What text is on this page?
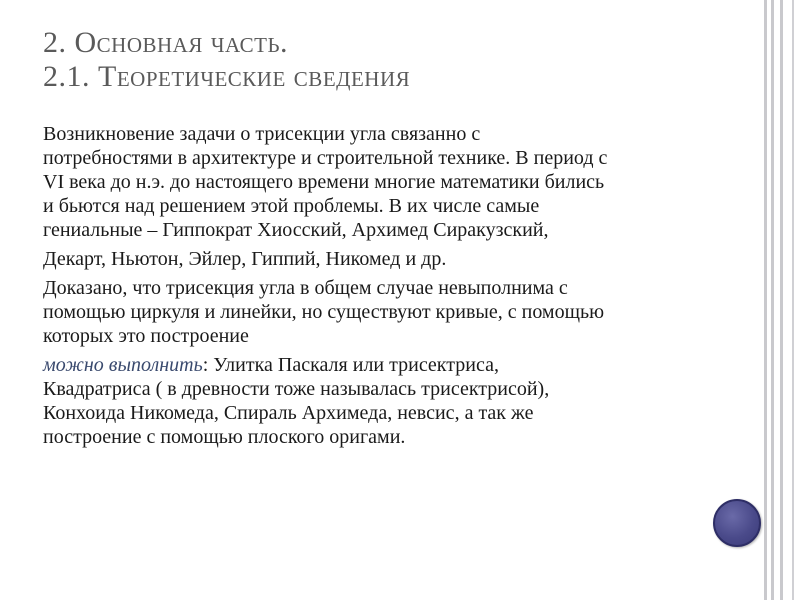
2. Основная часть.
2.1. Теоретические сведения

Возникновение задачи о трисекции угла связанно с
потребностями в архитектуре и строительной технике. В период с
VI века до н.э. до настоящего времени многие математики бились
и бьются над решением этой проблемы. В их числе самые
гениальные – Гиппократ Хиосский, Архимед Сиракузский,

Декарт, Ньютон, Эйлер, Гиппий, Никомед и др.

Доказано, что трисекция угла в общем случае невыполнима с
помощью циркуля и линейки, но существуют кривые, с помощью
которых это построение

можно выполнить: Улитка Паскаля или трисектриса,
Квадратриса ( в древности тоже называлась трисектрисой),
Конхоида Никомеда, Спираль Архимеда, невсис, а так же
построение с помощью плоского оригами.
